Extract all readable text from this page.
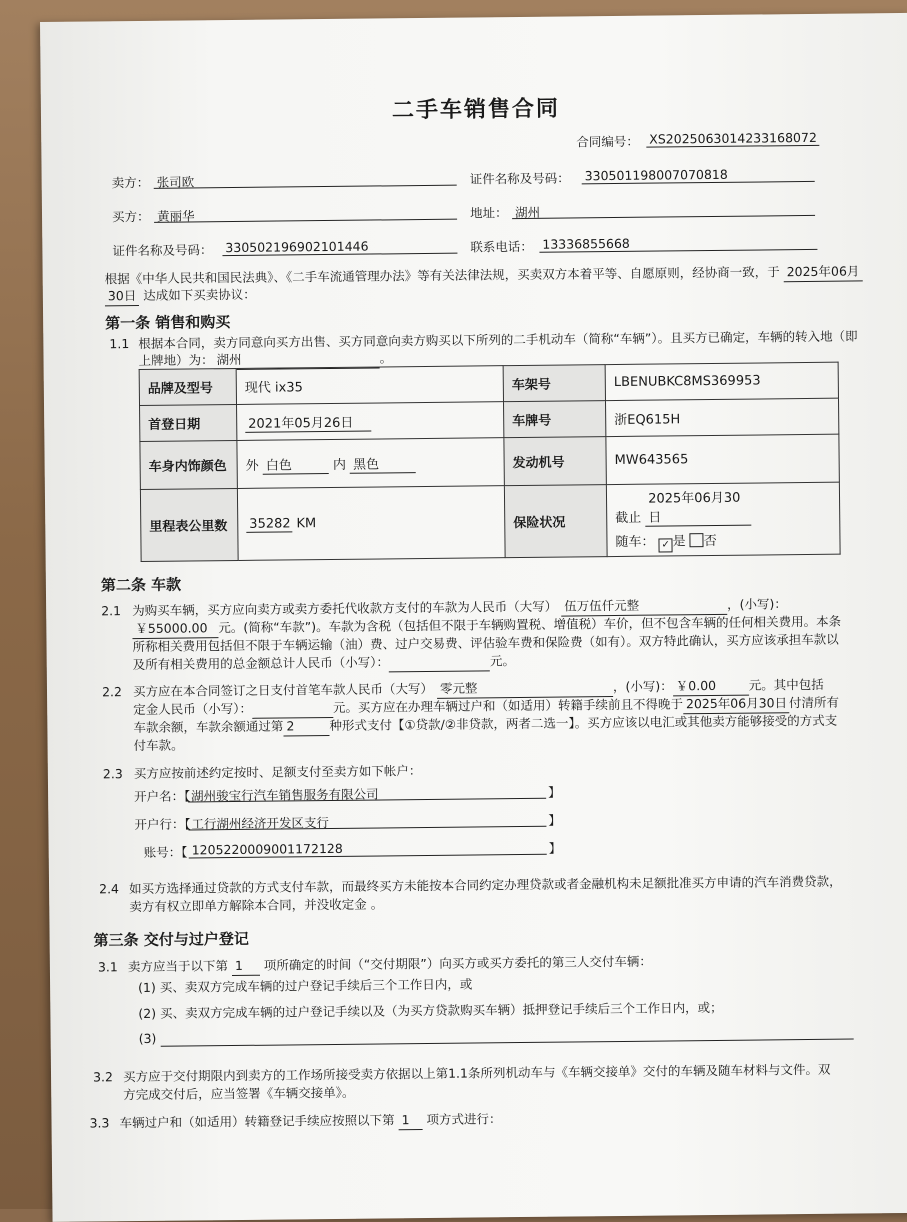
二手车销售合同
合同编号： XS2025063014233168072
卖方： 张司欧	证件名称及号码： 330501198007070818
买方： 黄丽华	地址： 湖州
证件名称及号码： 330502196902101446	联系电话： 13336855668
根据《中华人民共和国民法典》、《二手车流通管理办法》等有关法律法规，买卖双方本着平等、自愿原则，经协商一致，于 2025年06月
30日 达成如下买卖协议：
第一条 销售和购买
1.1 根据本合同，卖方同意向买方出售、买方同意向卖方购买以下所列的二手机动车（简称“车辆”）。且买方已确定，车辆的转入地（即
上牌地）为： 湖州	。
品牌及型号	现代 ix35	车架号	LBENUBKC8MS369953
首登日期	2021年05月26日	车牌号	浙EQ615H
车身内饰颜色	外 白色 内 黑色	发动机号	MW643565
里程表公里数	35282 KM	保险状况	截止 2025年06月30日
随车： ✓ 是 否
第二条 车款
2.1 为购买车辆，买方应向卖方或卖方委托代收款方支付的车款为人民币（大写） 伍万伍仟元整	，(小写)：
￥55000.00 元。(简称“车款”)。车款为含税（包括但不限于车辆购置税、增值税）车价，但不包含车辆的任何相关费用。本条
所称相关费用包括但不限于车辆运输（油）费、过户交易费、评估验车费和保险费（如有）。双方特此确认，买方应该承担车款以
及所有相关费用的总金额总计人民币（小写）：	元。
2.2 买方应在本合同签订之日支付首笔车款人民币（大写） 零元整	，(小写)： ￥0.00	元。其中包括
定金人民币（小写）：	元。买方应在办理车辆过户和（如适用）转籍手续前且不得晚于 2025年06月30日 付清所有
车款余额，车款余额通过第 2	种形式支付【①贷款/②非贷款，两者二选一】。买方应该以电汇或其他卖方能够接受的方式支
付车款。
2.3 买方应按前述约定按时、足额支付至卖方如下帐户：
开户名：【 湖州骏宝行汽车销售服务有限公司	】
开户行：【 工行湖州经济开发区支行	】
账号：【 1205220009001172128	】
2.4 如买方选择通过贷款的方式支付车款，而最终买方未能按本合同约定办理贷款或者金融机构未足额批准买方申请的汽车消费贷款，
卖方有权立即单方解除本合同，并没收定金 。
第三条 交付与过户登记
3.1 卖方应当于以下第 1 项所确定的时间（“交付期限”）向买方或买方委托的第三人交付车辆：
(1) 买、卖双方完成车辆的过户登记手续后三个工作日内，或
(2) 买、卖双方完成车辆的过户登记手续以及（为买方贷款购买车辆）抵押登记手续后三个工作日内，或；
(3)
3.2 买方应于交付期限内到卖方的工作场所接受卖方依据以上第1.1条所列机动车与《车辆交接单》交付的车辆及随车材料与文件。双
方完成交付后，应当签署《车辆交接单》。
3.3 车辆过户和（如适用）转籍登记手续应按照以下第 1 项方式进行：
